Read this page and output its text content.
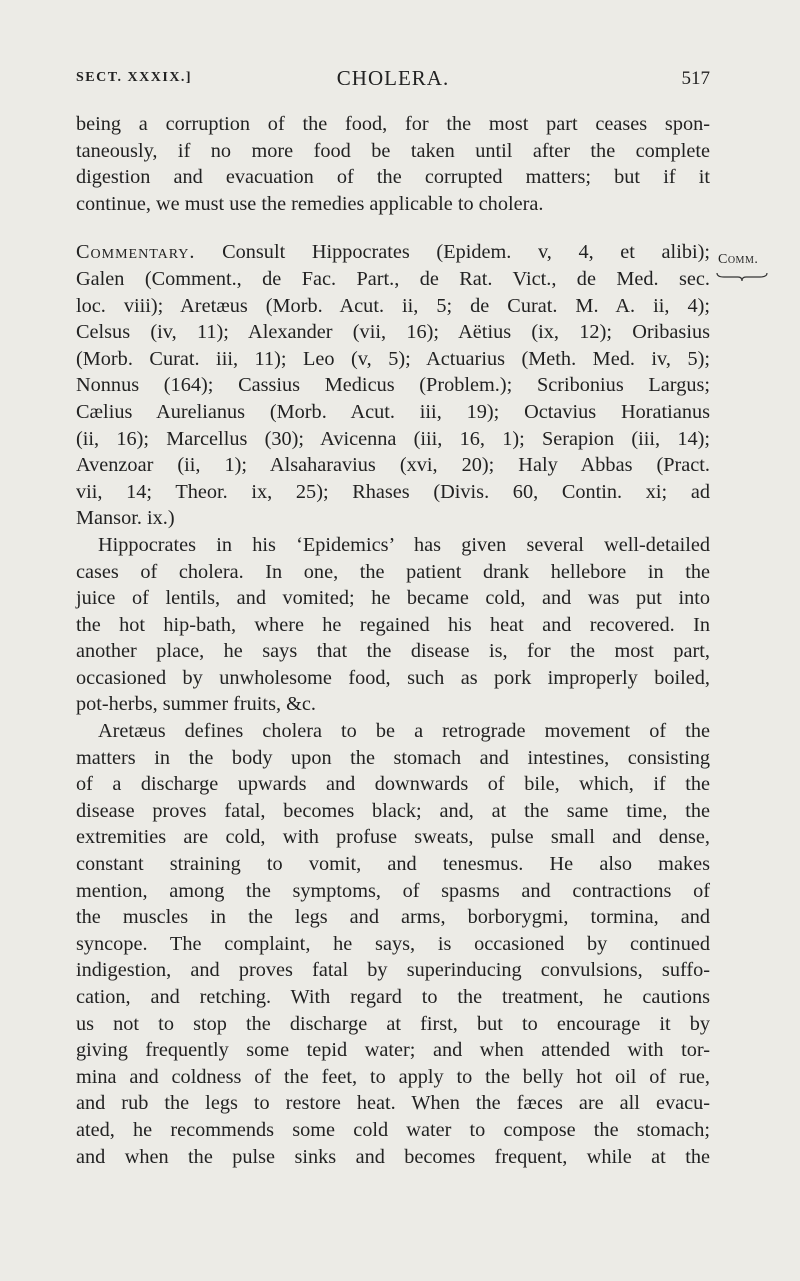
SECT. XXXIX.]	CHOLERA.	517
Comm.
being a corruption of the food, for the most part ceases spon-
taneously, if no more food be taken until after the complete
digestion and evacuation of the corrupted matters; but if it
continue, we must use the remedies applicable to cholera.
Commentary. Consult Hippocrates (Epidem. v, 4, et alibi);
Galen (Comment., de Fac. Part., de Rat. Vict., de Med. sec.
loc. viii); Aretæus (Morb. Acut. ii, 5; de Curat. M. A. ii, 4);
Celsus (iv, 11); Alexander (vii, 16); Aëtius (ix, 12); Oribasius
(Morb. Curat. iii, 11); Leo (v, 5); Actuarius (Meth. Med. iv, 5);
Nonnus (164); Cassius Medicus (Problem.); Scribonius Largus;
Cælius Aurelianus (Morb. Acut. iii, 19); Octavius Horatianus
(ii, 16); Marcellus (30); Avicenna (iii, 16, 1); Serapion (iii, 14);
Avenzoar (ii, 1); Alsaharavius (xvi, 20); Haly Abbas (Pract.
vii, 14; Theor. ix, 25); Rhases (Divis. 60, Contin. xi; ad
Mansor. ix.)
Hippocrates in his ‘Epidemics’ has given several well-detailed
cases of cholera. In one, the patient drank hellebore in the
juice of lentils, and vomited; he became cold, and was put into
the hot hip-bath, where he regained his heat and recovered. In
another place, he says that the disease is, for the most part,
occasioned by unwholesome food, such as pork improperly boiled,
pot-herbs, summer fruits, &c.
Aretæus defines cholera to be a retrograde movement of the
matters in the body upon the stomach and intestines, consisting
of a discharge upwards and downwards of bile, which, if the
disease proves fatal, becomes black; and, at the same time, the
extremities are cold, with profuse sweats, pulse small and dense,
constant straining to vomit, and tenesmus. He also makes
mention, among the symptoms, of spasms and contractions of
the muscles in the legs and arms, borborygmi, tormina, and
syncope. The complaint, he says, is occasioned by continued
indigestion, and proves fatal by superinducing convulsions, suffo-
cation, and retching. With regard to the treatment, he cautions
us not to stop the discharge at first, but to encourage it by
giving frequently some tepid water; and when attended with tor-
mina and coldness of the feet, to apply to the belly hot oil of rue,
and rub the legs to restore heat. When the fæces are all evacu-
ated, he recommends some cold water to compose the stomach;
and when the pulse sinks and becomes frequent, while at the
